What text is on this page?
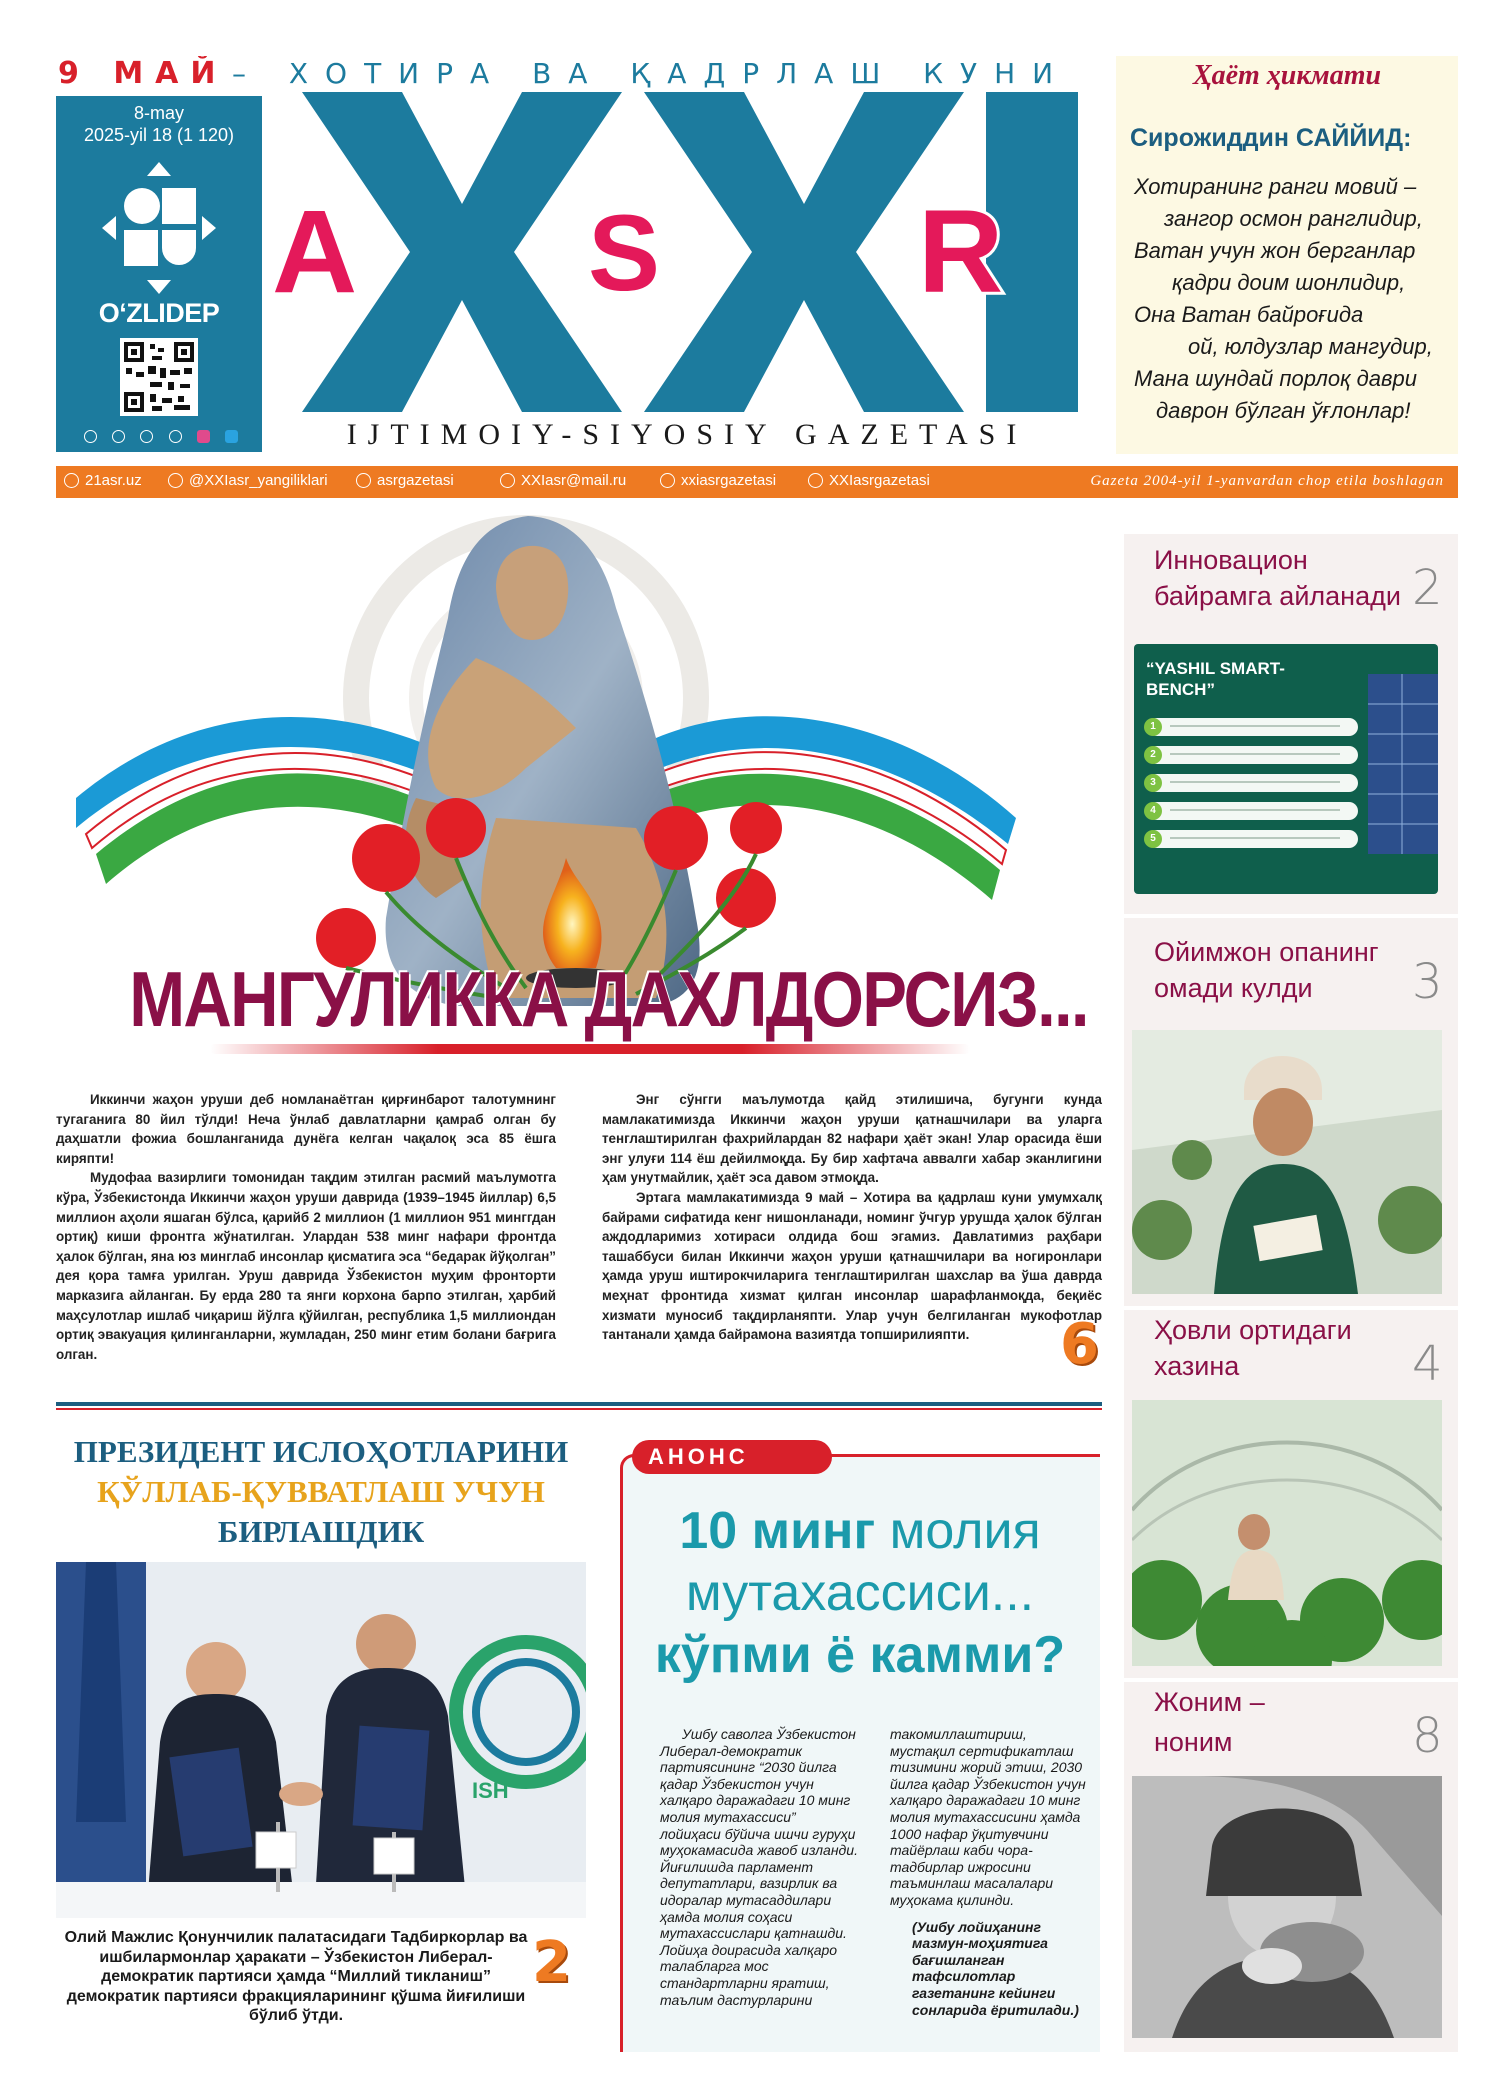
9 МАЙ – ХОТИРА ВА ҚАДРЛАШ КУНИ
8-may
2025-yil 18 (1 120)
O‘ZLIDEP A S R
IJTIMOIY-SIYOSIY GAZETASI
Ҳаёт ҳикмати
Сирожиддин САЙЙИД:
Хотиранинг ранги мовий –
зангор осмон ранглидир,
Ватан учун жон берганлар
қадри доим шонлидир,
Она Ватан байроғида
ой, юлдузлар мангудир,
Мана шундай порлоқ даври
даврон бўлган ўғлонлар!
21asr.uz	@XXIasr_yangiliklari	asrgazetasi	XXIasr@mail.ru	xxiasrgazetasi	XXIasrgazetasi	Gazeta 2004-yil 1-yanvardan chop etila boshlagan
МАНГУЛИККА ДАХЛДОРСИЗ...

Иккинчи жаҳон уруши деб номланаётган қирғинбарот талотумнинг тугаганига 80 йил тўлди! Неча ўнлаб давлатларни қамраб олган бу даҳшатли фожиа бошланганида дунёга келган чақалоқ эса 85 ёшга киряпти!

Мудофаа вазирлиги томонидан тақдим этилган расмий маълумотга кўра, Ўзбекистонда Иккинчи жаҳон уруши даврида (1939–1945 йиллар) 6,5 миллион аҳоли яшаган бўлса, қарийб 2 миллион (1 миллион 951 минггдан ортиқ) киши фронтга жўнатилган. Улардан 538 минг нафари фронтда ҳалок бўлган, яна юз минглаб инсонлар қисматига эса “бедарак йўқолган” дея қора тамға урилган. Уруш даврида Ўзбекистон муҳим фронторти марказига айланган. Бу ерда 280 та янги корхона барпо этилган, ҳарбий маҳсулотлар ишлаб чиқариш йўлга қўйилган, республика 1,5 миллиондан ортиқ эвакуация қилинганларни, жумладан, 250 минг етим болани бағрига олган.

Энг сўнгги маълумотда қайд этилишича, бугунги кунда мамлакатимизда Иккинчи жаҳон уруши қатнашчилари ва уларга тенглаштирилган фахрийлардан 82 нафари ҳаёт экан! Улар орасида ёши энг улуғи 114 ёш дейилмоқда. Бу бир хафтача аввалги хабар эканлигини ҳам унутмайлик, ҳаёт эса давом этмоқда.

Эртага мамлакатимизда 9 май – Хотира ва қадрлаш куни умумхалқ байрами сифатида кенг нишонланади, номинг ўчгур урушда ҳалок бўлган аждодларимиз хотираси олдида бош эгамиз. Давлатимиз раҳбари ташаббуси билан Иккинчи жаҳон уруши қатнашчилари ва ногиронлари ҳамда уруш иштирокчиларига тенглаштирилган шахслар ва ўша даврда меҳнат фронтида хизмат қилган инсонлар шарафланмоқда, беқиёс хизмати муносиб тақдирланяпти. Улар учун белгиланган мукофотлар тантанали ҳамда байрамона вазиятда топширилияпти.	6
ПРЕЗИДЕНТ ИСЛОҲОТЛАРИНИ
ҚЎЛЛАБ-ҚУВВАТЛАШ УЧУН
БИРЛАШДИК
ISH
Олий Мажлис Қонунчилик палатасидаги Тадбиркорлар ва ишбилармонлар ҳаракати – Ўзбекистон Либерал-демократик партияси ҳамда “Миллий тикланиш” демократик партияси фракцияларининг қўшма йиғилиши бўлиб ўтди.
2
АНОНС
10 минг молия
мутахассиси...
кўпми ё камми?

Ушбу саволга Ўзбекистон Либерал-демократик партиясининг “2030 йилга қадар Ўзбекистон учун халқаро даражадаги 10 минг молия мутахассиси” лойиҳаси бўйича ишчи гуруҳи муҳокамасида жавоб изланди. Йиғилишда парламент депутатлари, вазирлик ва идоралар мутасаддилари ҳамда молия соҳаси мутахассислари қатнашди. Лойиҳа доирасида халқаро талабларга мос стандартларни яратиш, таълим дастурларини

такомиллаштириш, мустақил сертификатлаш тизимини жорий этиш, 2030 йилга қадар Ўзбекистон учун халқаро даражадаги 10 минг молия мутахассисини ҳамда 1000 нафар ўқитувчини тайёрлаш каби чора-тадбирлар ижросини таъминлаш масалалари муҳокама қилинди.
(Ушбу лойиҳанинг мазмун-моҳиятига бағишланган тафсилотлар газетанинг кейинги сонларида ёритилади.)
Инновацион
байрамга айланади 2
“YASHIL SMART-BENCH”
1
2
3
4
5
Ойимжон опанинг
омади кулди	3
Ҳовли ортидаги
хазина	4
Жоним –
ноним	8
